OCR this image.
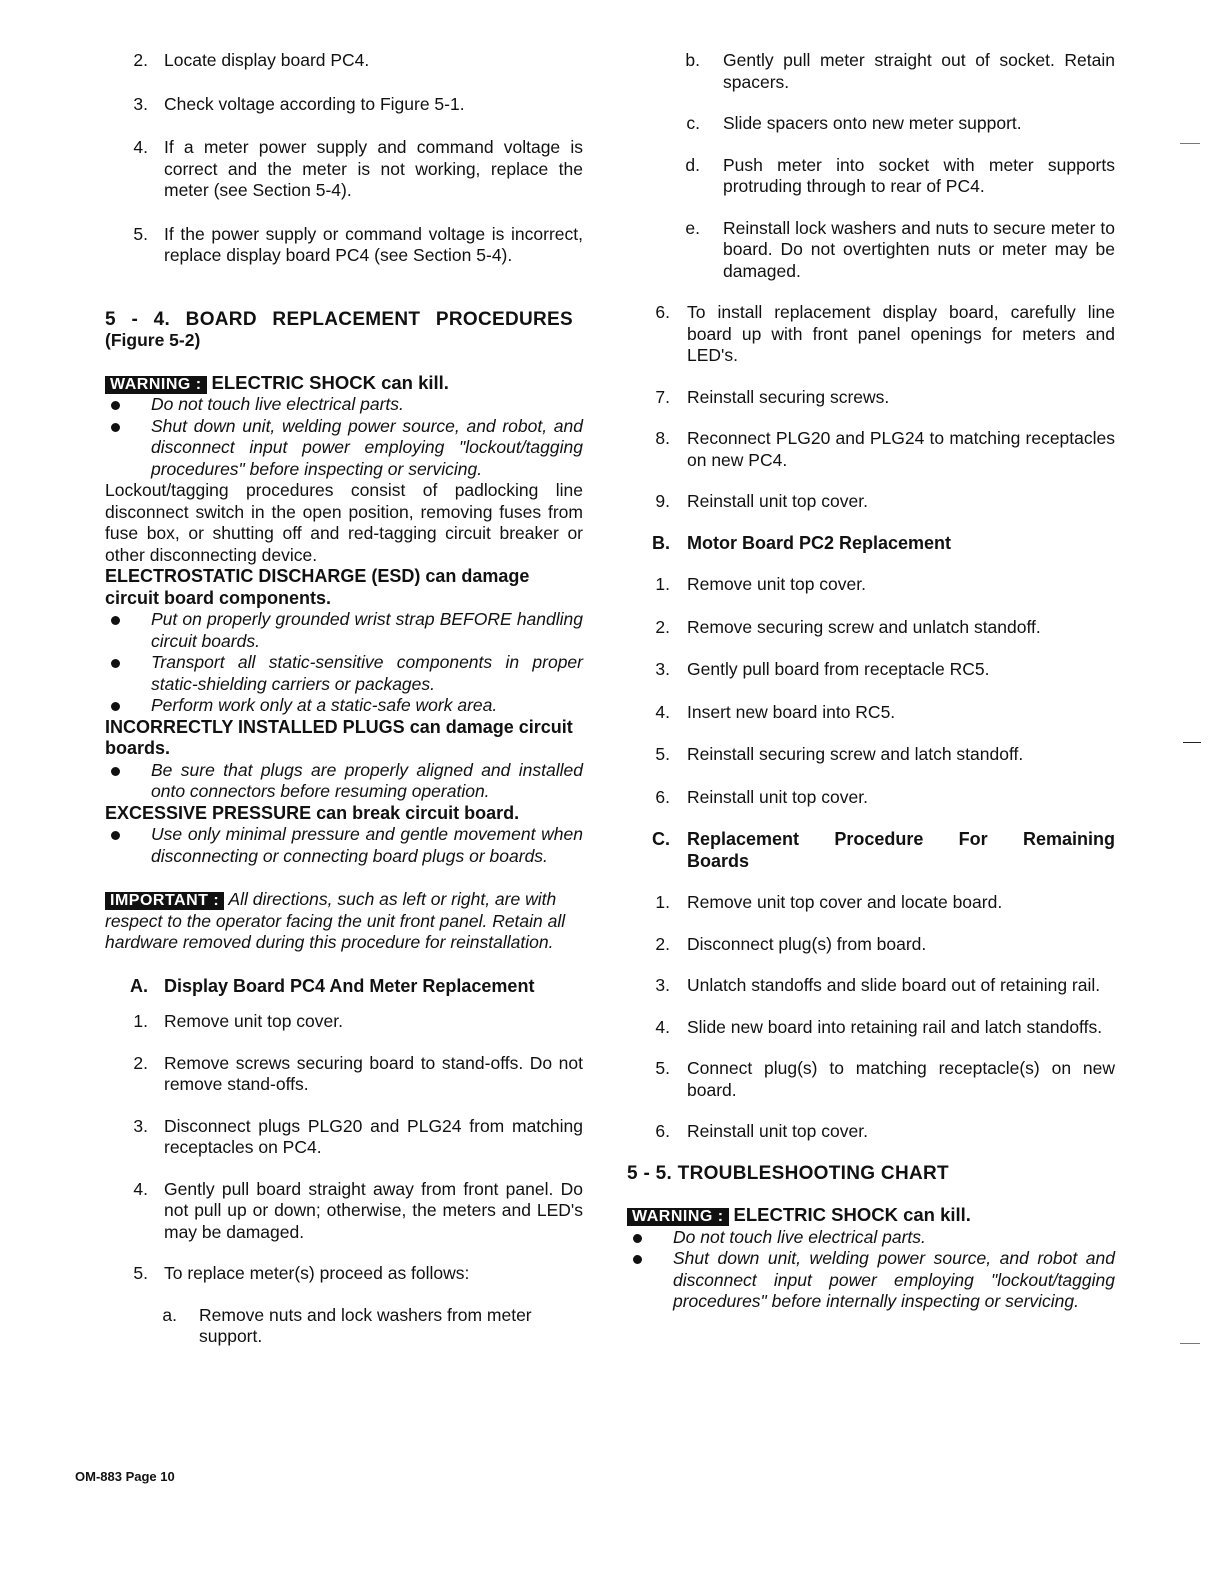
2. Locate display board PC4.
3. Check voltage according to Figure 5-1.
4. If a meter power supply and command voltage is correct and the meter is not working, replace the meter (see Section 5-4).
5. If the power supply or command voltage is incorrect, replace display board PC4 (see Section 5-4).
5 - 4. BOARD REPLACEMENT PROCEDURES
(Figure 5-2)
WARNING : ELECTRIC SHOCK can kill.
Do not touch live electrical parts.
Shut down unit, welding power source, and robot, and disconnect input power employing "lockout/tagging procedures" before inspecting or servicing.
Lockout/tagging procedures consist of padlocking line disconnect switch in the open position, removing fuses from fuse box, or shutting off and red-tagging circuit breaker or other disconnecting device.
ELECTROSTATIC DISCHARGE (ESD) can damage circuit board components.
Put on properly grounded wrist strap BEFORE handling circuit boards.
Transport all static-sensitive components in proper static-shielding carriers or packages.
Perform work only at a static-safe work area.
INCORRECTLY INSTALLED PLUGS can damage circuit boards.
Be sure that plugs are properly aligned and installed onto connectors before resuming operation.
EXCESSIVE PRESSURE can break circuit board.
Use only minimal pressure and gentle movement when disconnecting or connecting board plugs or boards.
IMPORTANT : All directions, such as left or right, are with respect to the operator facing the unit front panel. Retain all hardware removed during this procedure for reinstallation.
A. Display Board PC4 And Meter Replacement
1. Remove unit top cover.
2. Remove screws securing board to stand-offs. Do not remove stand-offs.
3. Disconnect plugs PLG20 and PLG24 from matching receptacles on PC4.
4. Gently pull board straight away from front panel. Do not pull up or down; otherwise, the meters and LED's may be damaged.
5. To replace meter(s) proceed as follows:
a. Remove nuts and lock washers from meter support.
b. Gently pull meter straight out of socket. Retain spacers.
c. Slide spacers onto new meter support.
d. Push meter into socket with meter supports protruding through to rear of PC4.
e. Reinstall lock washers and nuts to secure meter to board. Do not overtighten nuts or meter may be damaged.
6. To install replacement display board, carefully line board up with front panel openings for meters and LED's.
7. Reinstall securing screws.
8. Reconnect PLG20 and PLG24 to matching receptacles on new PC4.
9. Reinstall unit top cover.
B. Motor Board PC2 Replacement
1. Remove unit top cover.
2. Remove securing screw and unlatch standoff.
3. Gently pull board from receptacle RC5.
4. Insert new board into RC5.
5. Reinstall securing screw and latch standoff.
6. Reinstall unit top cover.
C. Replacement Procedure For Remaining Boards
1. Remove unit top cover and locate board.
2. Disconnect plug(s) from board.
3. Unlatch standoffs and slide board out of retaining rail.
4. Slide new board into retaining rail and latch standoffs.
5. Connect plug(s) to matching receptacle(s) on new board.
6. Reinstall unit top cover.
5 - 5. TROUBLESHOOTING CHART
WARNING : ELECTRIC SHOCK can kill.
Do not touch live electrical parts.
Shut down unit, welding power source, and robot and disconnect input power employing "lockout/tagging procedures" before internally inspecting or servicing.
OM-883 Page 10
